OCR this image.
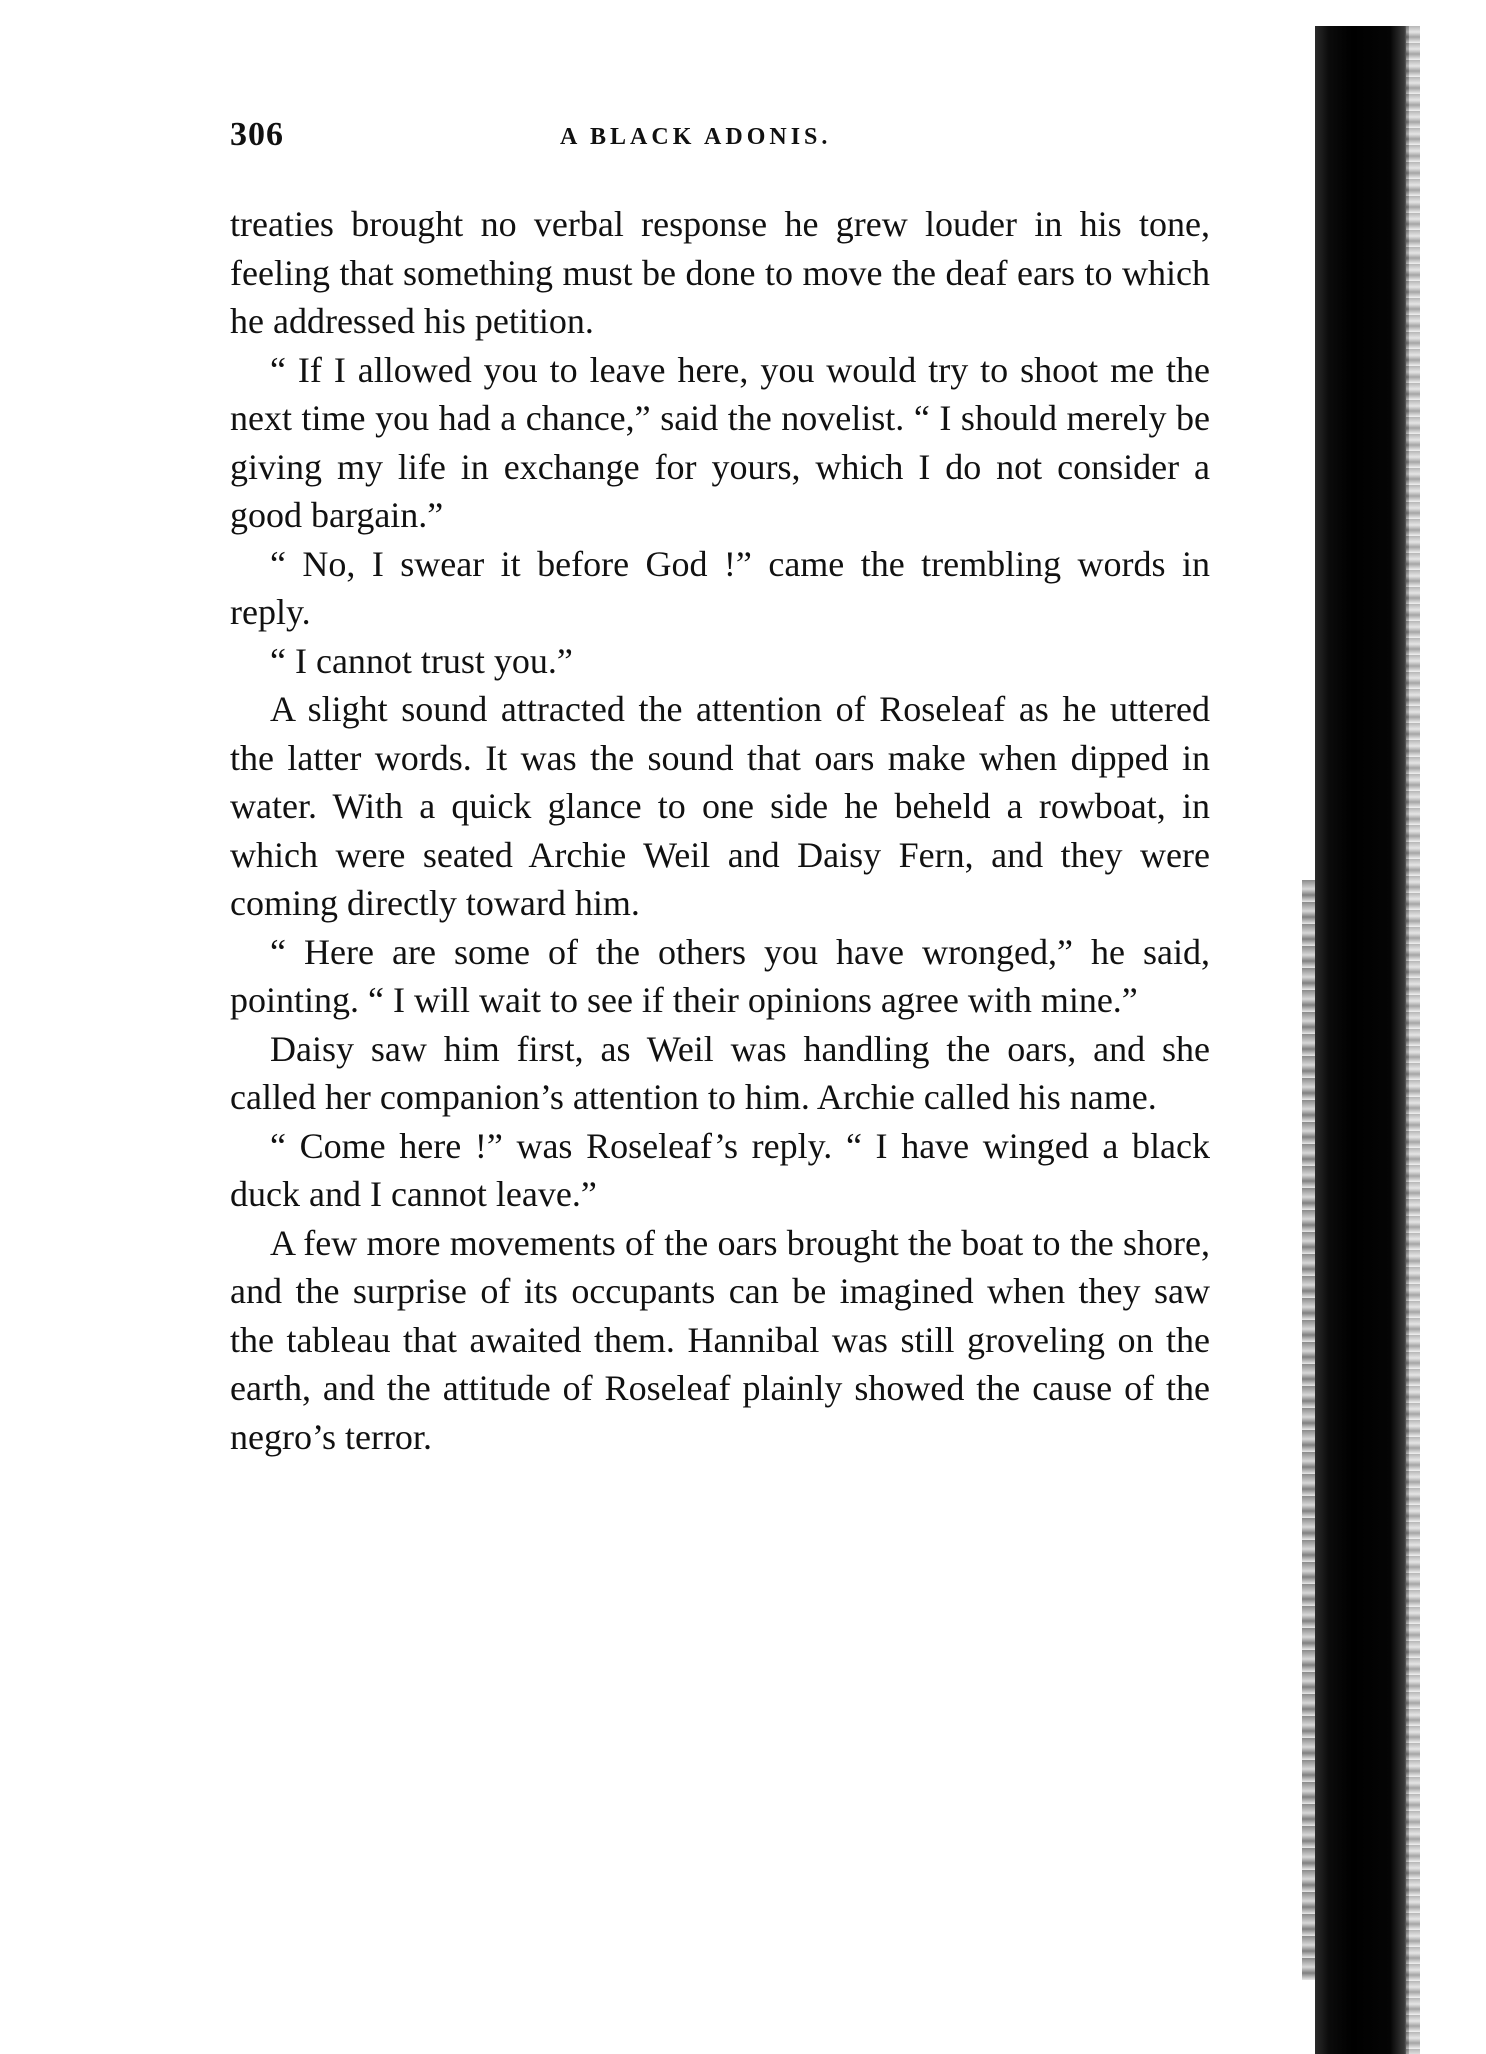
306	A BLACK ADONIS.

treaties brought no verbal response he grew louder in his tone, feeling that something must be done to move the deaf ears to which he addressed his petition.

“ If I allowed you to leave here, you would try to shoot me the next time you had a chance,” said the novelist. “ I should merely be giving my life in exchange for yours, which I do not consider a good bargain.”

“ No, I swear it before God !” came the trembling words in reply.

“ I cannot trust you.”

A slight sound attracted the attention of Roseleaf as he uttered the latter words. It was the sound that oars make when dipped in water. With a quick glance to one side he beheld a rowboat, in which were seated Archie Weil and Daisy Fern, and they were coming directly toward him.

“ Here are some of the others you have wronged,” he said, pointing. “ I will wait to see if their opinions agree with mine.”

Daisy saw him first, as Weil was handling the oars, and she called her companion’s attention to him. Archie called his name.

“ Come here !” was Roseleaf’s reply. “ I have winged a black duck and I cannot leave.”

A few more movements of the oars brought the boat to the shore, and the surprise of its occupants can be imagined when they saw the tableau that awaited them. Hannibal was still groveling on the earth, and the attitude of Roseleaf plainly showed the cause of the negro’s terror.
